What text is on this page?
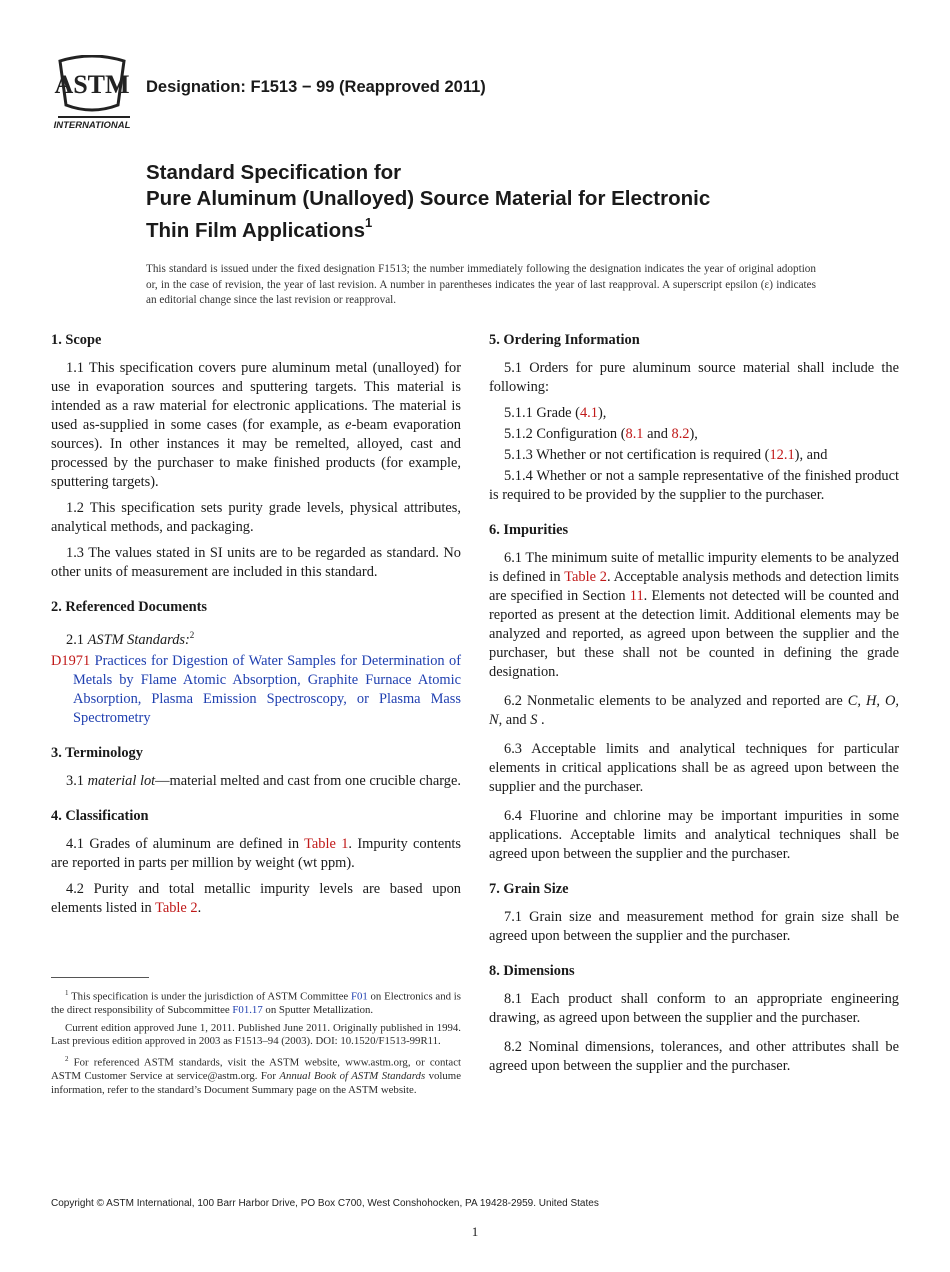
ASTM
INTERNATIONAL
Designation: F1513 − 99 (Reapproved 2011)
Standard Specification for
Pure Aluminum (Unalloyed) Source Material for Electronic
Thin Film Applications$^1$
This standard is issued under the fixed designation F1513; the number immediately following the designation indicates the year of original adoption or, in the case of revision, the year of last revision. A number in parentheses indicates the year of last reapproval. A superscript epsilon (ε) indicates an editorial change since the last revision or reapproval.

1. Scope

1.1 This specification covers pure aluminum metal (unalloyed) for use in evaporation sources and sputtering targets. This material is intended as a raw material for electronic applications. The material is used as-supplied in some cases (for example, as e-beam evaporation sources). In other instances it may be remelted, alloyed, cast and processed by the purchaser to make finished products (for example, sputtering targets).

1.2 This specification sets purity grade levels, physical attributes, analytical methods, and packaging.

1.3 The values stated in SI units are to be regarded as standard. No other units of measurement are included in this standard.

2. Referenced Documents

2.1 ASTM Standards:$^2$

D1971 Practices for Digestion of Water Samples for Determination of Metals by Flame Atomic Absorption, Graphite Furnace Atomic Absorption, Plasma Emission Spectroscopy, or Plasma Mass Spectrometry

3. Terminology

3.1 material lot—material melted and cast from one crucible charge.

4. Classification

4.1 Grades of aluminum are defined in Table 1. Impurity contents are reported in parts per million by weight (wt ppm).

4.2 Purity and total metallic impurity levels are based upon elements listed in Table 2.

5. Ordering Information

5.1 Orders for pure aluminum source material shall include the following:

5.1.1 Grade (4.1),

5.1.2 Configuration (8.1 and 8.2),

5.1.3 Whether or not certification is required (12.1), and

5.1.4 Whether or not a sample representative of the finished product is required to be provided by the supplier to the purchaser.

6. Impurities

6.1 The minimum suite of metallic impurity elements to be analyzed is defined in Table 2. Acceptable analysis methods and detection limits are specified in Section 11. Elements not detected will be counted and reported as present at the detection limit. Additional elements may be analyzed and reported, as agreed upon between the supplier and the purchaser, but these shall not be counted in defining the grade designation.

6.2 Nonmetalic elements to be analyzed and reported are C, H, O, N, and S .

6.3 Acceptable limits and analytical techniques for particular elements in critical applications shall be as agreed upon between the supplier and the purchaser.

6.4 Fluorine and chlorine may be important impurities in some applications. Acceptable limits and analytical techniques shall be agreed upon between the supplier and the purchaser.

7. Grain Size

7.1 Grain size and measurement method for grain size shall be agreed upon between the supplier and the purchaser.

8. Dimensions

8.1 Each product shall conform to an appropriate engineering drawing, as agreed upon between the supplier and the purchaser.

8.2 Nominal dimensions, tolerances, and other attributes shall be agreed upon between the supplier and the purchaser.

$^1$ This specification is under the jurisdiction of ASTM Committee F01 on Electronics and is the direct responsibility of Subcommittee F01.17 on Sputter Metallization.

Current edition approved June 1, 2011. Published June 2011. Originally published in 1994. Last previous edition approved in 2003 as F1513–94 (2003). DOI: 10.1520/F1513-99R11.

$^2$ For referenced ASTM standards, visit the ASTM website, www.astm.org, or contact ASTM Customer Service at service@astm.org. For Annual Book of ASTM Standards volume information, refer to the standard’s Document Summary page on the ASTM website.

Copyright © ASTM International, 100 Barr Harbor Drive, PO Box C700, West Conshohocken, PA 19428-2959. United States
1
